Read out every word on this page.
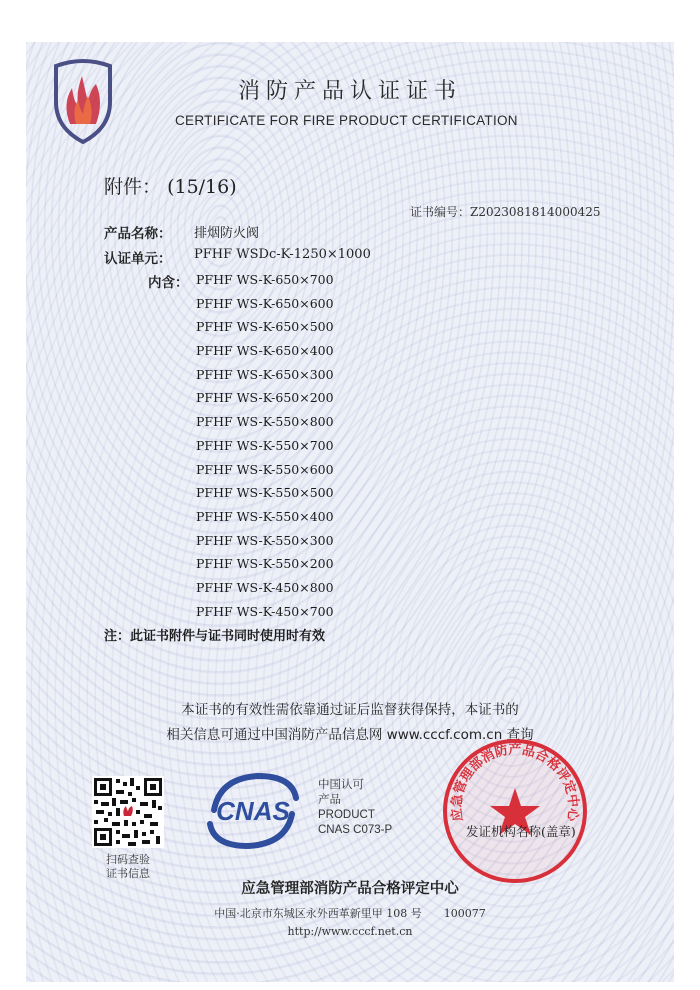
消防产品认证证书
CERTIFICATE FOR FIRE PRODUCT CERTIFICATION
附件： (15/16)
证书编号：Z2023081814000425
产品名称： 排烟防火阀
认证单元： PFHF WSDc-K-1250×1000
内含： PFHF WS-K-650×700
PFHF WS-K-650×600
PFHF WS-K-650×500
PFHF WS-K-650×400
PFHF WS-K-650×300
PFHF WS-K-650×200
PFHF WS-K-550×800
PFHF WS-K-550×700
PFHF WS-K-550×600
PFHF WS-K-550×500
PFHF WS-K-550×400
PFHF WS-K-550×300
PFHF WS-K-550×200
PFHF WS-K-450×800
PFHF WS-K-450×700
注：此证书附件与证书同时使用时有效
本证书的有效性需依靠通过证后监督获得保持，本证书的
相关信息可通过中国消防产品信息网 www.cccf.com.cn 查询
扫码查验
证书信息
CNAS
中国认可
产品
PRODUCT
CNAS C073-P
应急管理部消防产品合格评定中心
发证机构名称(盖章)
应急管理部消防产品合格评定中心
中国·北京市东城区永外西革新里甲 108 号　　100077
http://www.cccf.net.cn
